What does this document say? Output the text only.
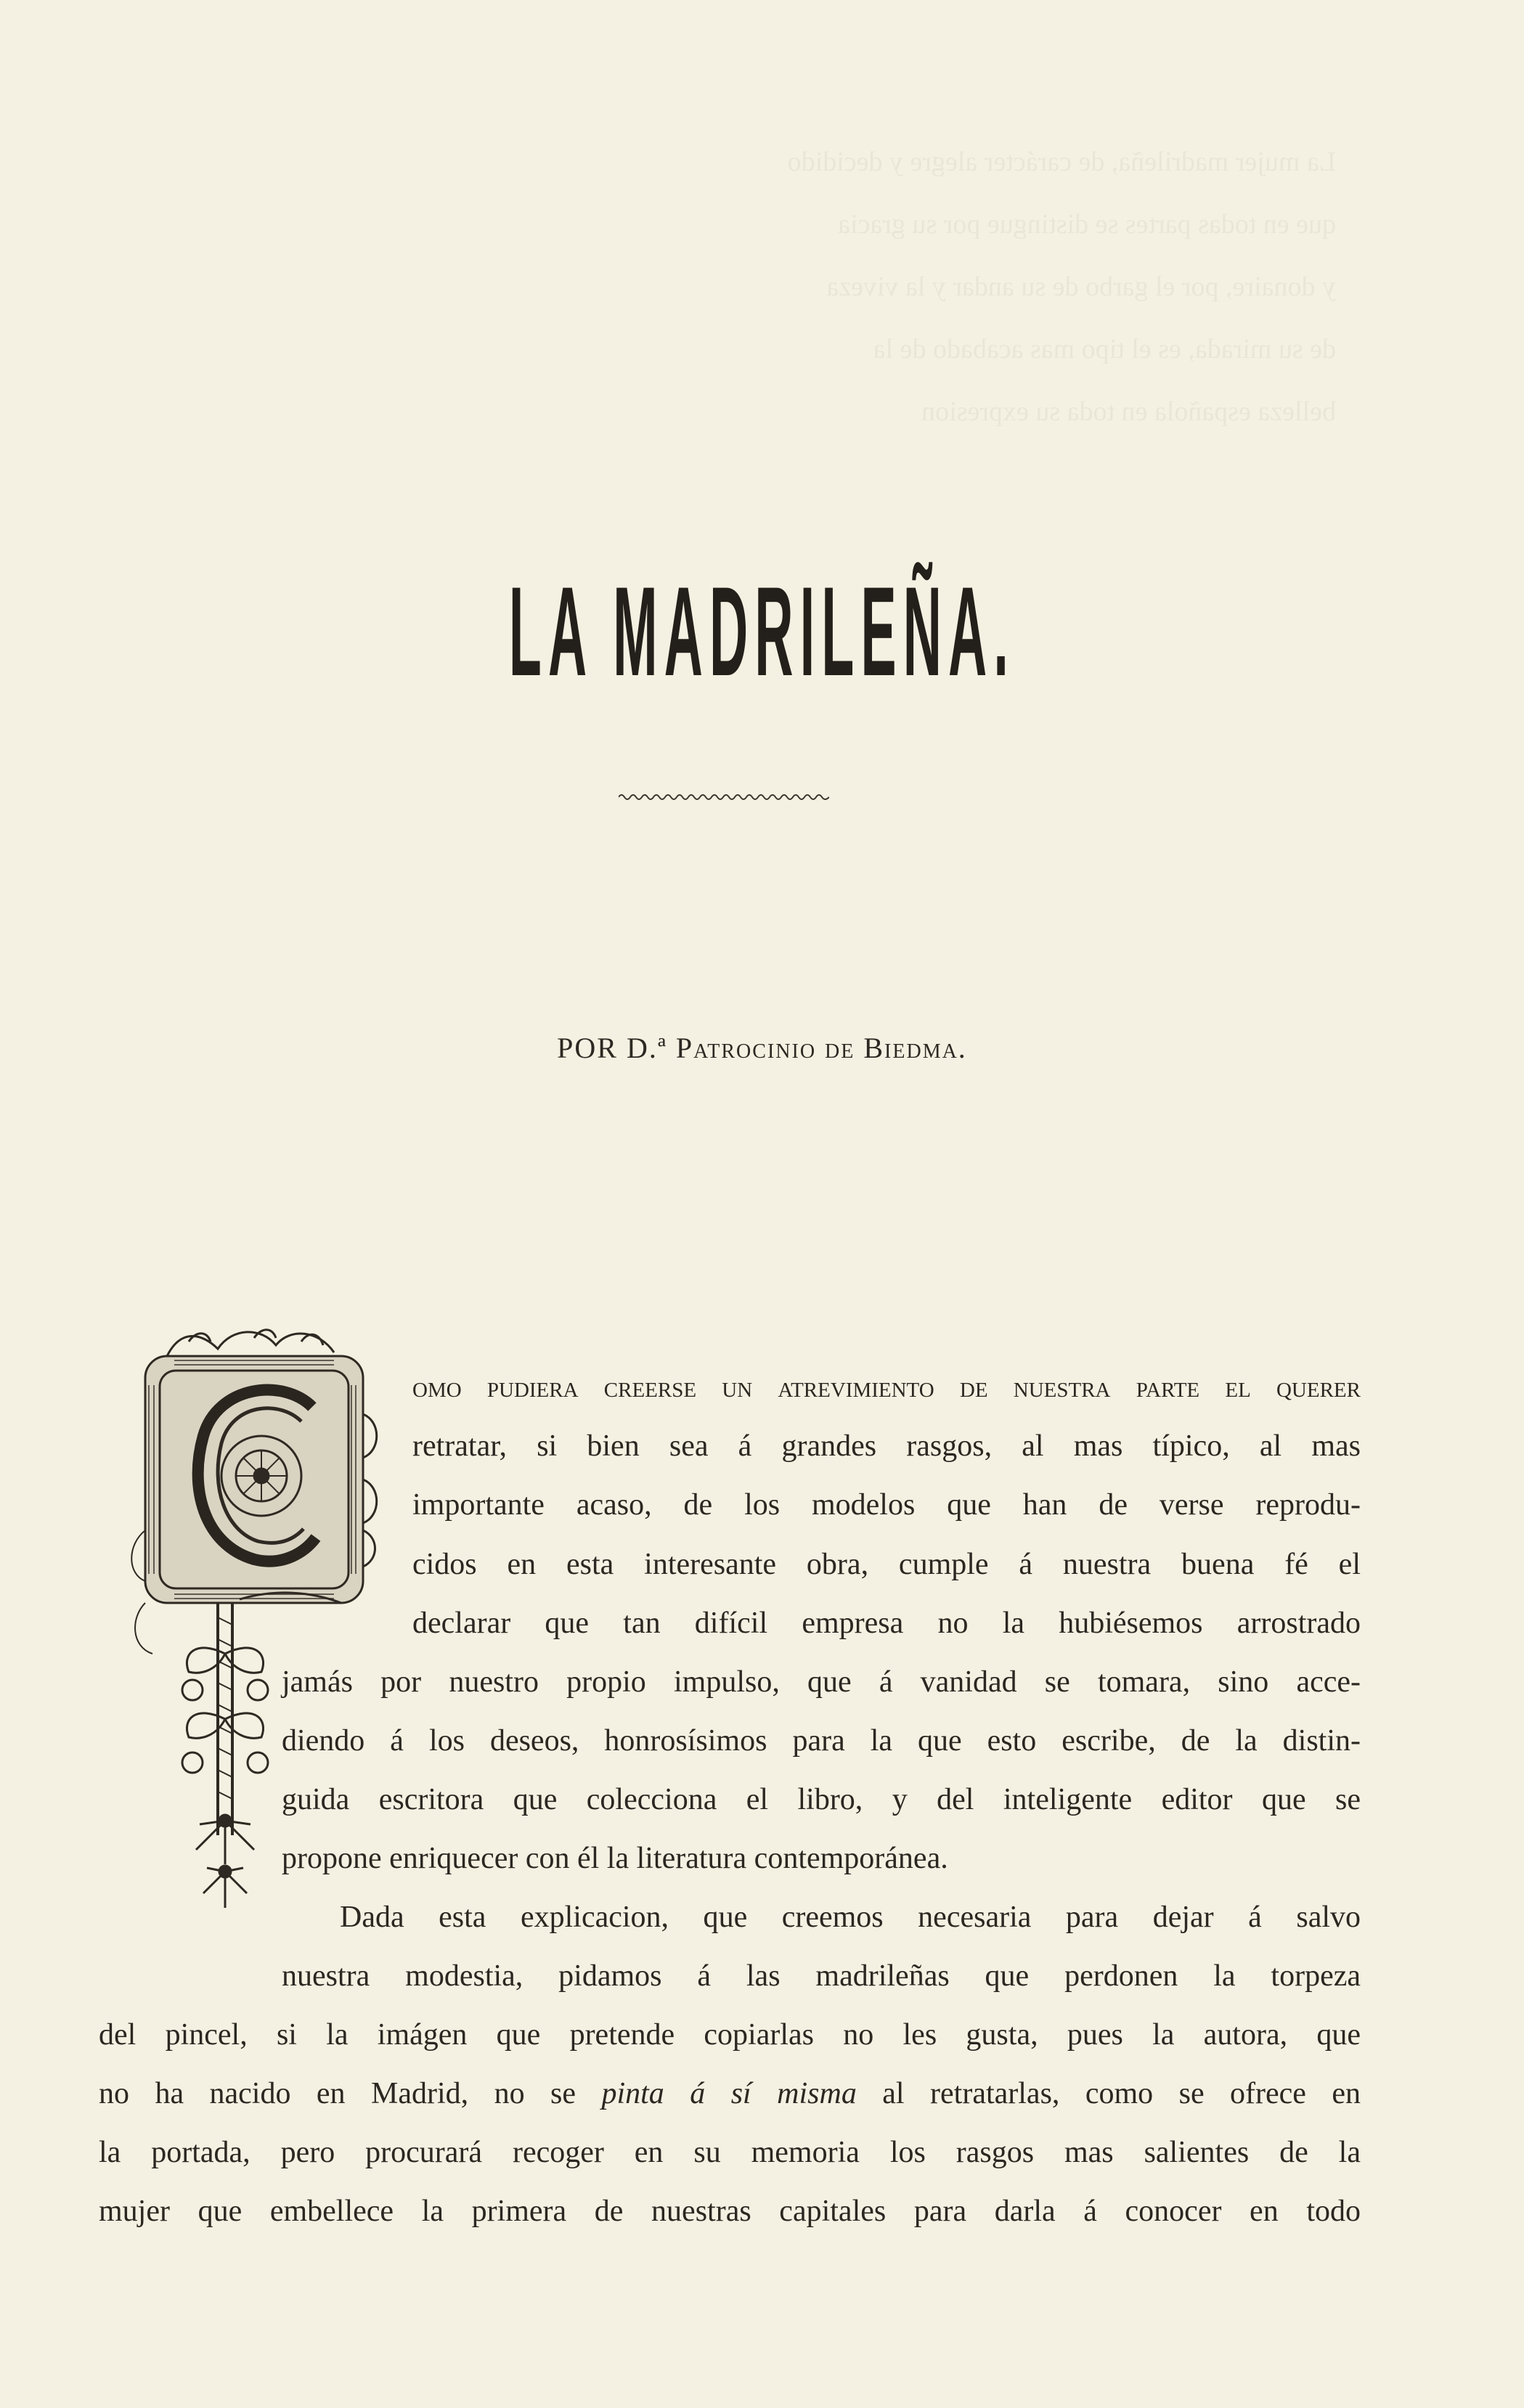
La mujer madrileña, de carácter alegre y decidido
que en todas partes se distingue por su gracia
y donaire, por el garbo de su andar y la viveza
de su mirada, es el tipo mas acabado de la
belleza española en toda su expresion
LA MADRILEÑA.
POR D.ª Patrocinio de Biedma.
omo pudiera creerse un atrevimiento de nuestra parte el querer
retratar, si bien sea á grandes rasgos, al mas típico, al mas
importante acaso, de los modelos que han de verse reprodu-
cidos en esta interesante obra, cumple á nuestra buena fé el
declarar que tan difícil empresa no la hubiésemos arrostrado
jamás por nuestro propio impulso, que á vanidad se tomara, sino acce-
diendo á los deseos, honrosísimos para la que esto escribe, de la distin-
guida escritora que colecciona el libro, y del inteligente editor que se
propone enriquecer con él la literatura contemporánea.
Dada esta explicacion, que creemos necesaria para dejar á salvo
nuestra modestia, pidamos á las madrileñas que perdonen la torpeza
del pincel, si la imágen que pretende copiarlas no les gusta, pues la autora, que
no ha nacido en Madrid, no se pinta á sí misma al retratarlas, como se ofrece en
la portada, pero procurará recoger en su memoria los rasgos mas salientes de la
mujer que embellece la primera de nuestras capitales para darla á conocer en todo
